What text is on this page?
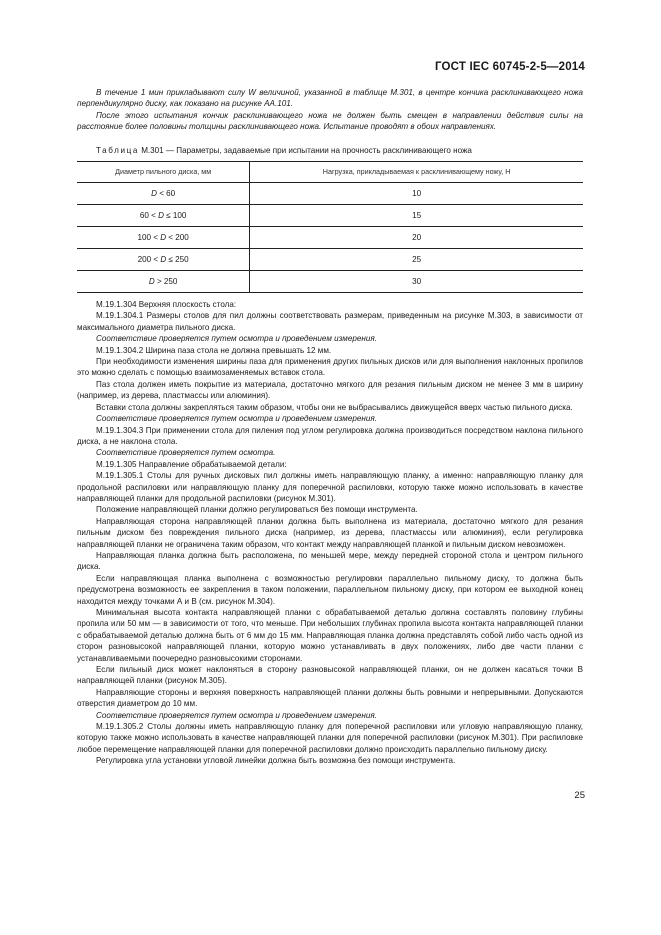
ГОСТ IEC 60745-2-5—2014

В течение 1 мин прикладывают силу W величиной, указанной в таблице М.301, в центре кончика расклинивающего ножа перпендикулярно диску, как показано на рисунке АА.101.

После этого испытания кончик расклинивающего ножа не должен быть смещен в направлении действия силы на расстояние более половины толщины расклинивающего ножа. Испытание проводят в обоих направлениях.

Таблица М.301 — Параметры, задаваемые при испытании на прочность расклинивающего ножа

Диаметр пильного диска, мм	Нагрузка, прикладываемая к расклинивающему ножу, Н
D < 60	10
60 < D ≤ 100	15
100 < D < 200	20
200 < D ≤ 250	25
D > 250	30

М.19.1.304 Верхняя плоскость стола:

М.19.1.304.1 Размеры столов для пил должны соответствовать размерам, приведенным на рисунке М.303, в зависимости от максимального диаметра пильного диска.

Соответствие проверяется путем осмотра и проведением измерения.

М.19.1.304.2 Ширина паза стола не должна превышать 12 мм.

При необходимости изменения ширины паза для применения других пильных дисков или для выполнения наклонных пропилов это можно сделать с помощью взаимозаменяемых вставок стола.

Паз стола должен иметь покрытие из материала, достаточно мягкого для резания пильным диском не менее 3 мм в ширину (например, из дерева, пластмассы или алюминия).

Вставки стола должны закрепляться таким образом, чтобы они не выбрасывались движущейся вверх частью пильного диска.

Соответствие проверяется путем осмотра и проведением измерения.

М.19.1.304.3 При применении стола для пиления под углом регулировка должна производиться посредством наклона пильного диска, а не наклона стола.

Соответствие проверяется путем осмотра.

М.19.1.305 Направление обрабатываемой детали:

М.19.1.305.1 Столы для ручных дисковых пил должны иметь направляющую планку, а именно: направляющую планку для продольной распиловки или направляющую планку для поперечной распиловки, которую также можно использовать в качестве направляющей планки для продольной распиловки (рисунок М.301).

Положение направляющей планки должно регулироваться без помощи инструмента.

Направляющая сторона направляющей планки должна быть выполнена из материала, достаточно мягкого для резания пильным диском без повреждения пильного диска (например, из дерева, пластмассы или алюминия), если регулировка направляющей планки не ограничена таким образом, что контакт между направляющей планкой и пильным диском невозможен.

Направляющая планка должна быть расположена, по меньшей мере, между передней стороной стола и центром пильного диска.

Если направляющая планка выполнена с возможностью регулировки параллельно пильному диску, то должна быть предусмотрена возможность ее закрепления в таком положении, параллельном пильному диску, при котором ее выходной конец находится между точками А и В (см. рисунок М.304).

Минимальная высота контакта направляющей планки с обрабатываемой деталью должна составлять половину глубины пропила или 50 мм — в зависимости от того, что меньше. При небольших глубинах пропила высота контакта направляющей планки с обрабатываемой деталью должна быть от 6 мм до 15 мм. Направляющая планка должна представлять собой либо часть одной из сторон разновысокой направляющей планки, которую можно устанавливать в двух положениях, либо две части планки с устанавливаемыми поочередно разновысокими сторонами.

Если пильный диск может наклоняться в сторону разновысокой направляющей планки, он не должен касаться точки В направляющей планки (рисунок М.305).

Направляющие стороны и верхняя поверхность направляющей планки должны быть ровными и непрерывными. Допускаются отверстия диаметром до 10 мм.

Соответствие проверяется путем осмотра и проведением измерения.

М.19.1.305.2 Столы должны иметь направляющую планку для поперечной распиловки или угловую направляющую планку, которую также можно использовать в качестве направляющей планки для поперечной распиловки (рисунок М.301). При распиловке любое перемещение направляющей планки для поперечной распиловки должно происходить параллельно пильному диску.

Регулировка угла установки угловой линейки должна быть возможна без помощи инструмента.

25
